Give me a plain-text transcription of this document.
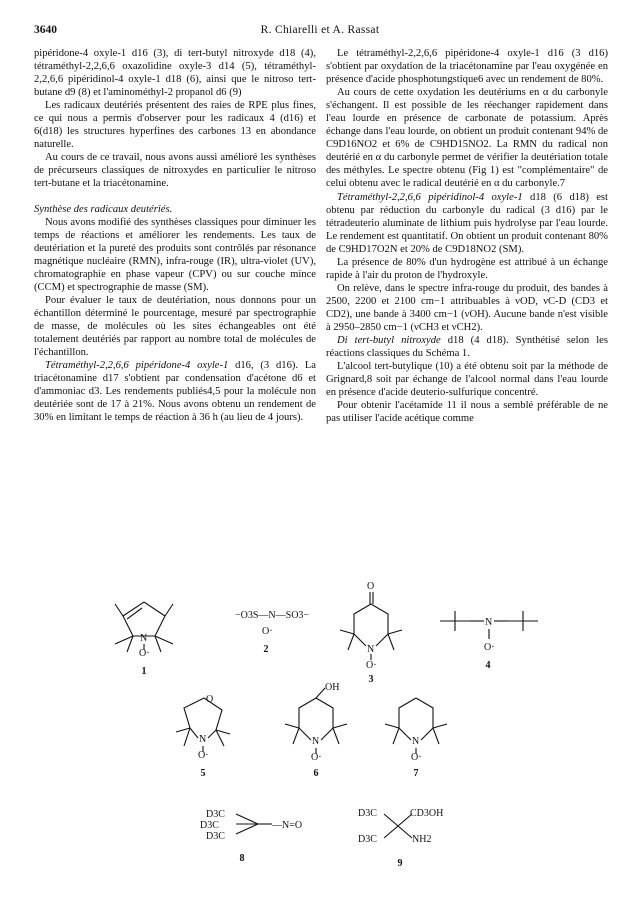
3640	R. Chiarelli et A. Rassat

pipéridone-4 oxyle-1 d16 (3), di tert-butyl nitroxyde d18 (4), tétraméthyl-2,2,6,6 oxazolidine oxyle-3 d14 (5), tétraméthyl-2,2,6,6 pipéridinol-4 oxyle-1 d18 (6), ainsi que le nitroso tert-butane d9 (8) et l'aminométhyl-2 propanol d6 (9)

Les radicaux deutériés présentent des raies de RPE plus fines, ce qui nous a permis d'observer pour les radicaux 4 (d16) et 6(d18) les structures hyperfines des carbones 13 en abondance naturelle.

Au cours de ce travail, nous avons aussi amélioré les synthèses de précurseurs classiques de nitroxydes en particulier le nitroso tert-butane et la triacétonamine.

Synthèse des radicaux deutériés.

Nous avons modifié des synthèses classiques pour diminuer les temps de réactions et améliorer les rendements. Les taux de deutériation et la pureté des produits sont contrôlés par résonance magnétique nucléaire (RMN), infra-rouge (IR), ultra-violet (UV), chromatographie en phase vapeur (CPV) ou sur couche mince (CCM) et spectrographie de masse (SM).

Pour évaluer le taux de deutériation, nous donnons pour un échantillon déterminé le pourcentage, mesuré par spectrographie de masse, de molécules où les sites échangeables ont été totalement deutériés par rapport au nombre total de molécules de l'échantillon.

Tétraméthyl-2,2,6,6 pipéridone-4 oxyle-1 d16, (3 d16). La triacétonamine d17 s'obtient par condensation d'acétone d6 et d'ammoniac d3. Les rendements publiés4,5 pour la molécule non deutériée sont de 17 à 21%. Nous avons obtenu un rendement de 30% en limitant le temps de réaction à 36 h (au lieu de 4 jours).

Le tétraméthyl-2,2,6,6 pipéridone-4 oxyle-1 d16 (3 d16) s'obtient par oxydation de la triacétonamine par l'eau oxygénée en présence d'acide phosphotungstique6 avec un rendement de 80%.

Au cours de cette oxydation les deutériums en α du carbonyle s'échangent. Il est possible de les réechanger rapidement dans l'eau lourde en présence de carbonate de potassium. Après échange dans l'eau lourde, on obtient un produit contenant 94% de C9D16NO2 et 6% de C9HD15NO2. La RMN du radical non deutérié en α du carbonyle permet de vérifier la deutériation totale des méthyles. Le spectre obtenu (Fig 1) est "complémentaire" de celui obtenu avec le radical deutérié en α du carbonyle.7

Tétraméthyl-2,2,6,6 pipéridinol-4 oxyle-1 d18 (6 d18) est obtenu par réduction du carbonyle du radical (3 d16) par le tétradeuterio aluminate de lithium puis hydrolyse par l'eau lourde. Le rendement est quantitatif. On obtient un produit contenant 80% de C9HD17O2N et 20% de C9D18NO2 (SM).

La présence de 80% d'un hydrogène est attribué à un échange rapide à l'air du proton de l'hydroxyle.

On relève, dans le spectre infra-rouge du produit, des bandes à 2500, 2200 et 2100 cm−1 attribuables à νOD, νC-D (CD3 et CD2), une bande à 3400 cm−1 (νOH). Aucune bande n'est visible à 2950–2850 cm−1 (νCH3 et νCH2).

Di tert-butyl nitroxyde d18 (4 d18). Synthétisé selon les réactions classiques du Schéma 1.

L'alcool tert-butylique (10) a été obtenu soit par la méthode de Grignard,8 soit par échange de l'alcool normal dans l'eau lourde en présence d'acide deuterio-sulfurique concentré.

Pour obtenir l'acétamide 11 il nous a semblé préférable de ne pas utiliser l'acide acétique comme

N
O·
−O3S—N—SO3−
O·
O
N
O·
N
O·
O
N
O·
OH
N
O·
N
O·
D3C
D3C
D3C
—N=O
D3C	CD3OH
D3C	NH2
1
2
3
4
5	6	7
8	9
